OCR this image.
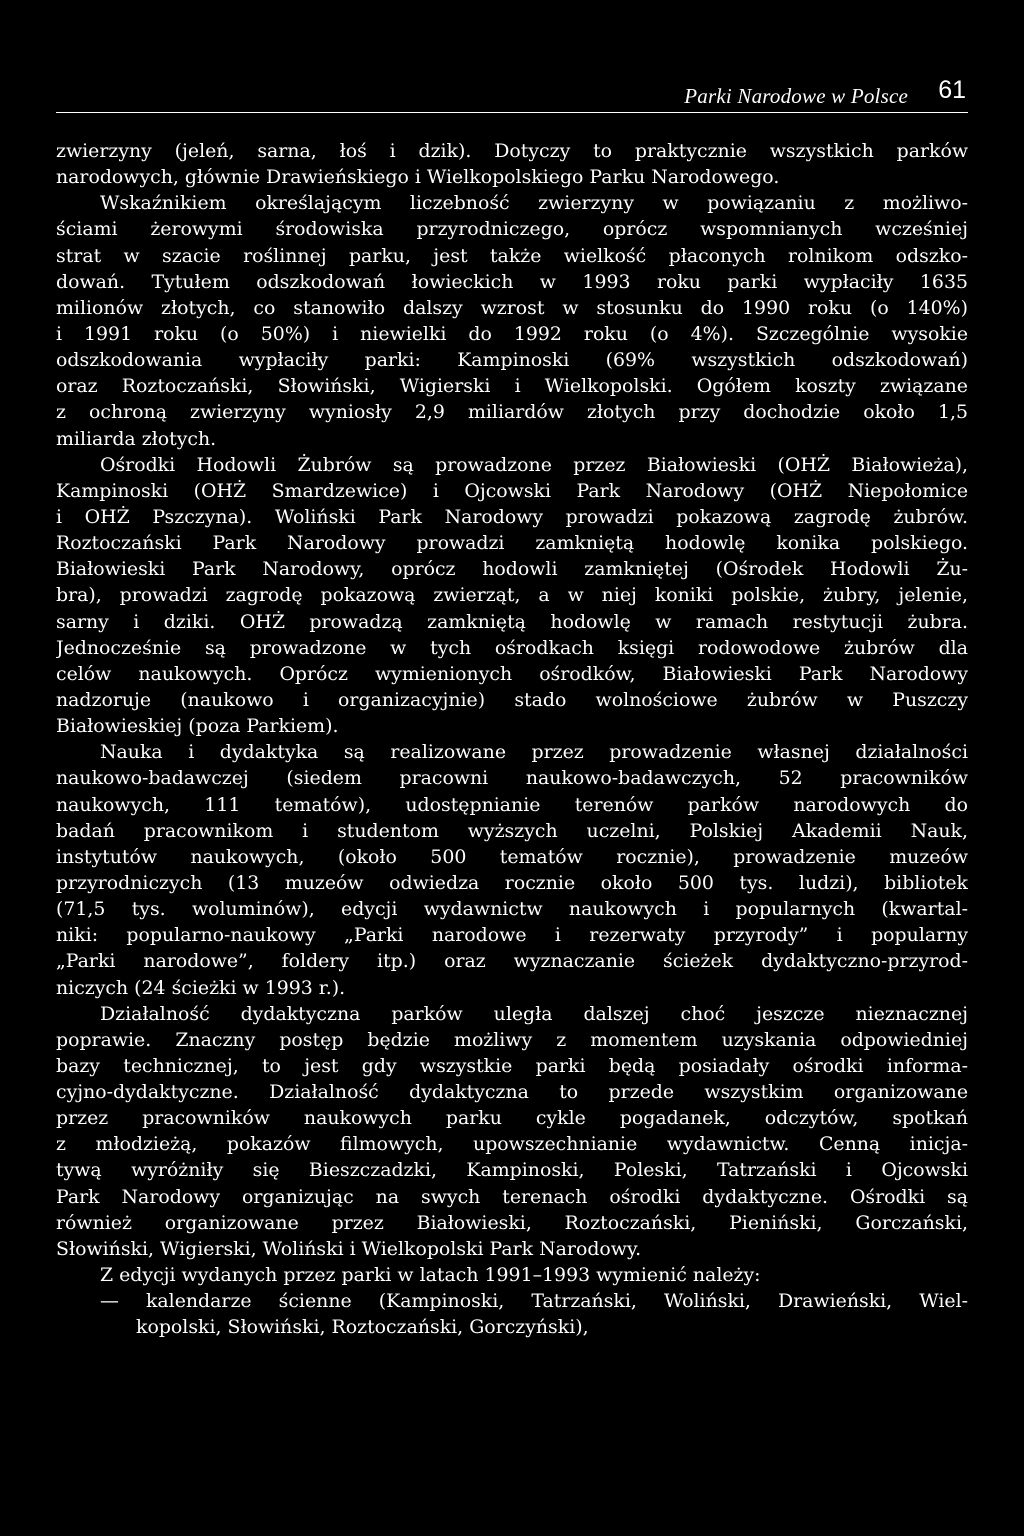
Parki Narodowe w Polsce 61
zwierzyny (jeleń, sarna, łoś i dzik). Dotyczy to praktycznie wszystkich parków
narodowych, głównie Drawieńskiego i Wielkopolskiego Parku Narodowego.
Wskaźnikiem określającym liczebność zwierzyny w powiązaniu z możliwo-
ściami żerowymi środowiska przyrodniczego, oprócz wspomnianych wcześniej
strat w szacie roślinnej parku, jest także wielkość płaconych rolnikom odszko-
dowań. Tytułem odszkodowań łowieckich w 1993 roku parki wypłaciły 1635
milionów złotych, co stanowiło dalszy wzrost w stosunku do 1990 roku (o 140%)
i 1991 roku (o 50%) i niewielki do 1992 roku (o 4%). Szczególnie wysokie
odszkodowania wypłaciły parki: Kampinoski (69% wszystkich odszkodowań)
oraz Roztoczański, Słowiński, Wigierski i Wielkopolski. Ogółem koszty związane
z ochroną zwierzyny wyniosły 2,9 miliardów złotych przy dochodzie około 1,5
miliarda złotych.
Ośrodki Hodowli Żubrów są prowadzone przez Białowieski (OHŻ Białowieża),
Kampinoski (OHŻ Smardzewice) i Ojcowski Park Narodowy (OHŻ Niepołomice
i OHŻ Pszczyna). Woliński Park Narodowy prowadzi pokazową zagrodę żubrów.
Roztoczański Park Narodowy prowadzi zamkniętą hodowlę konika polskiego.
Białowieski Park Narodowy, oprócz hodowli zamkniętej (Ośrodek Hodowli Żu-
bra), prowadzi zagrodę pokazową zwierząt, a w niej koniki polskie, żubry, jelenie,
sarny i dziki. OHŻ prowadzą zamkniętą hodowlę w ramach restytucji żubra.
Jednocześnie są prowadzone w tych ośrodkach księgi rodowodowe żubrów dla
celów naukowych. Oprócz wymienionych ośrodków, Białowieski Park Narodowy
nadzoruje (naukowo i organizacyjnie) stado wolnościowe żubrów w Puszczy
Białowieskiej (poza Parkiem).
Nauka i dydaktyka są realizowane przez prowadzenie własnej działalności
naukowo-badawczej (siedem pracowni naukowo-badawczych, 52 pracowników
naukowych, 111 tematów), udostępnianie terenów parków narodowych do
badań pracownikom i studentom wyższych uczelni, Polskiej Akademii Nauk,
instytutów naukowych, (około 500 tematów rocznie), prowadzenie muzeów
przyrodniczych (13 muzeów odwiedza rocznie około 500 tys. ludzi), bibliotek
(71,5 tys. woluminów), edycji wydawnictw naukowych i popularnych (kwartal-
niki: popularno-naukowy „Parki narodowe i rezerwaty przyrody” i popularny
„Parki narodowe”, foldery itp.) oraz wyznaczanie ścieżek dydaktyczno-przyrod-
niczych (24 ścieżki w 1993 r.).
Działalność dydaktyczna parków uległa dalszej choć jeszcze nieznacznej
poprawie. Znaczny postęp będzie możliwy z momentem uzyskania odpowiedniej
bazy technicznej, to jest gdy wszystkie parki będą posiadały ośrodki informa-
cyjno-dydaktyczne. Działalność dydaktyczna to przede wszystkim organizowane
przez pracowników naukowych parku cykle pogadanek, odczytów, spotkań
z młodzieżą, pokazów filmowych, upowszechnianie wydawnictw. Cenną inicja-
tywą wyróżniły się Bieszczadzki, Kampinoski, Poleski, Tatrzański i Ojcowski
Park Narodowy organizując na swych terenach ośrodki dydaktyczne. Ośrodki są
również organizowane przez Białowieski, Roztoczański, Pieniński, Gorczański,
Słowiński, Wigierski, Woliński i Wielkopolski Park Narodowy.
Z edycji wydanych przez parki w latach 1991–1993 wymienić należy:
— kalendarze ścienne (Kampinoski, Tatrzański, Woliński, Drawieński, Wiel-
kopolski, Słowiński, Roztoczański, Gorczyński),
